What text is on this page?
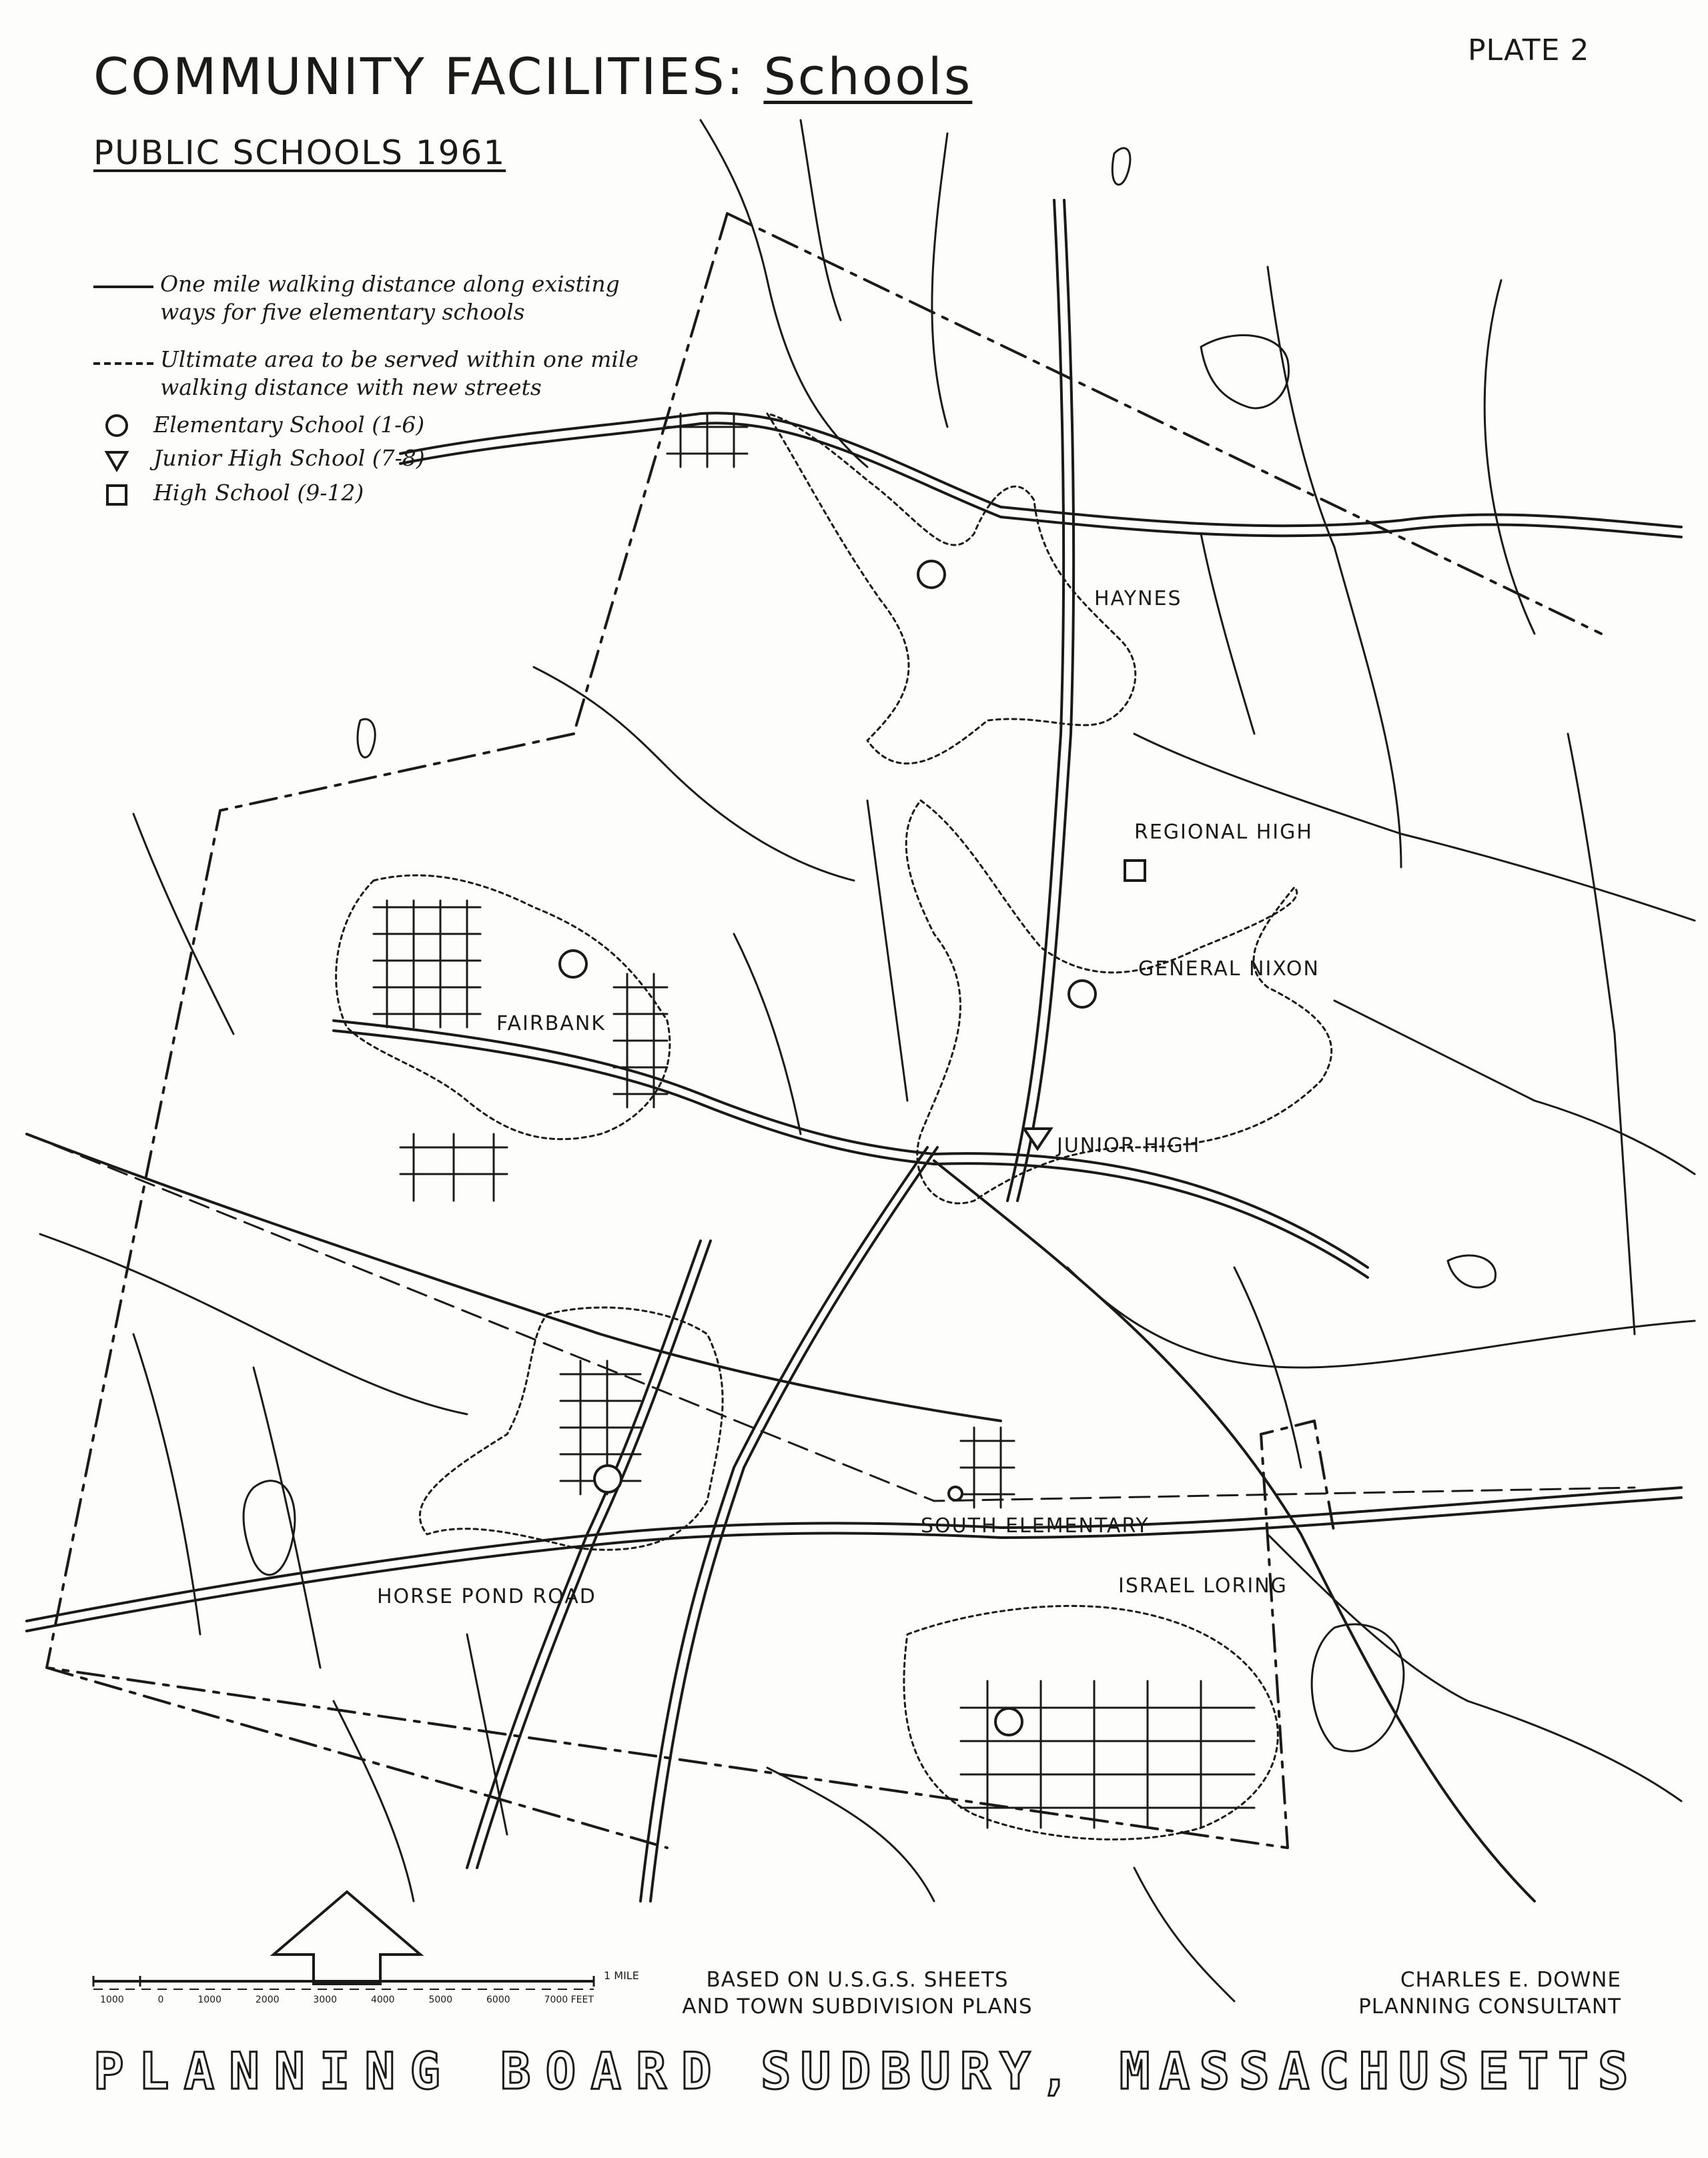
COMMUNITY FACILITIES: Schools	PLATE 2
PUBLIC SCHOOLS 1961
One mile walking distance along existing
ways for five elementary schools
Ultimate area to be served within one mile
walking distance with new streets
Elementary School (1-6)
Junior High School (7-8)
High School (9-12)
HAYNES
REGIONAL HIGH
GENERAL NIXON
FAIRBANK
JUNIOR HIGH
SOUTH ELEMENTARY
HORSE POND ROAD	ISRAEL LORING
1 MILE
1000	0	1000	2000	3000	4000	5000	6000	7000 FEET
BASED ON U.S.G.S. SHEETS
AND TOWN SUBDIVISION PLANS
CHARLES E. DOWNE
PLANNING CONSULTANT
PLANNING BOARD SUDBURY, MASSACHUSETTS
